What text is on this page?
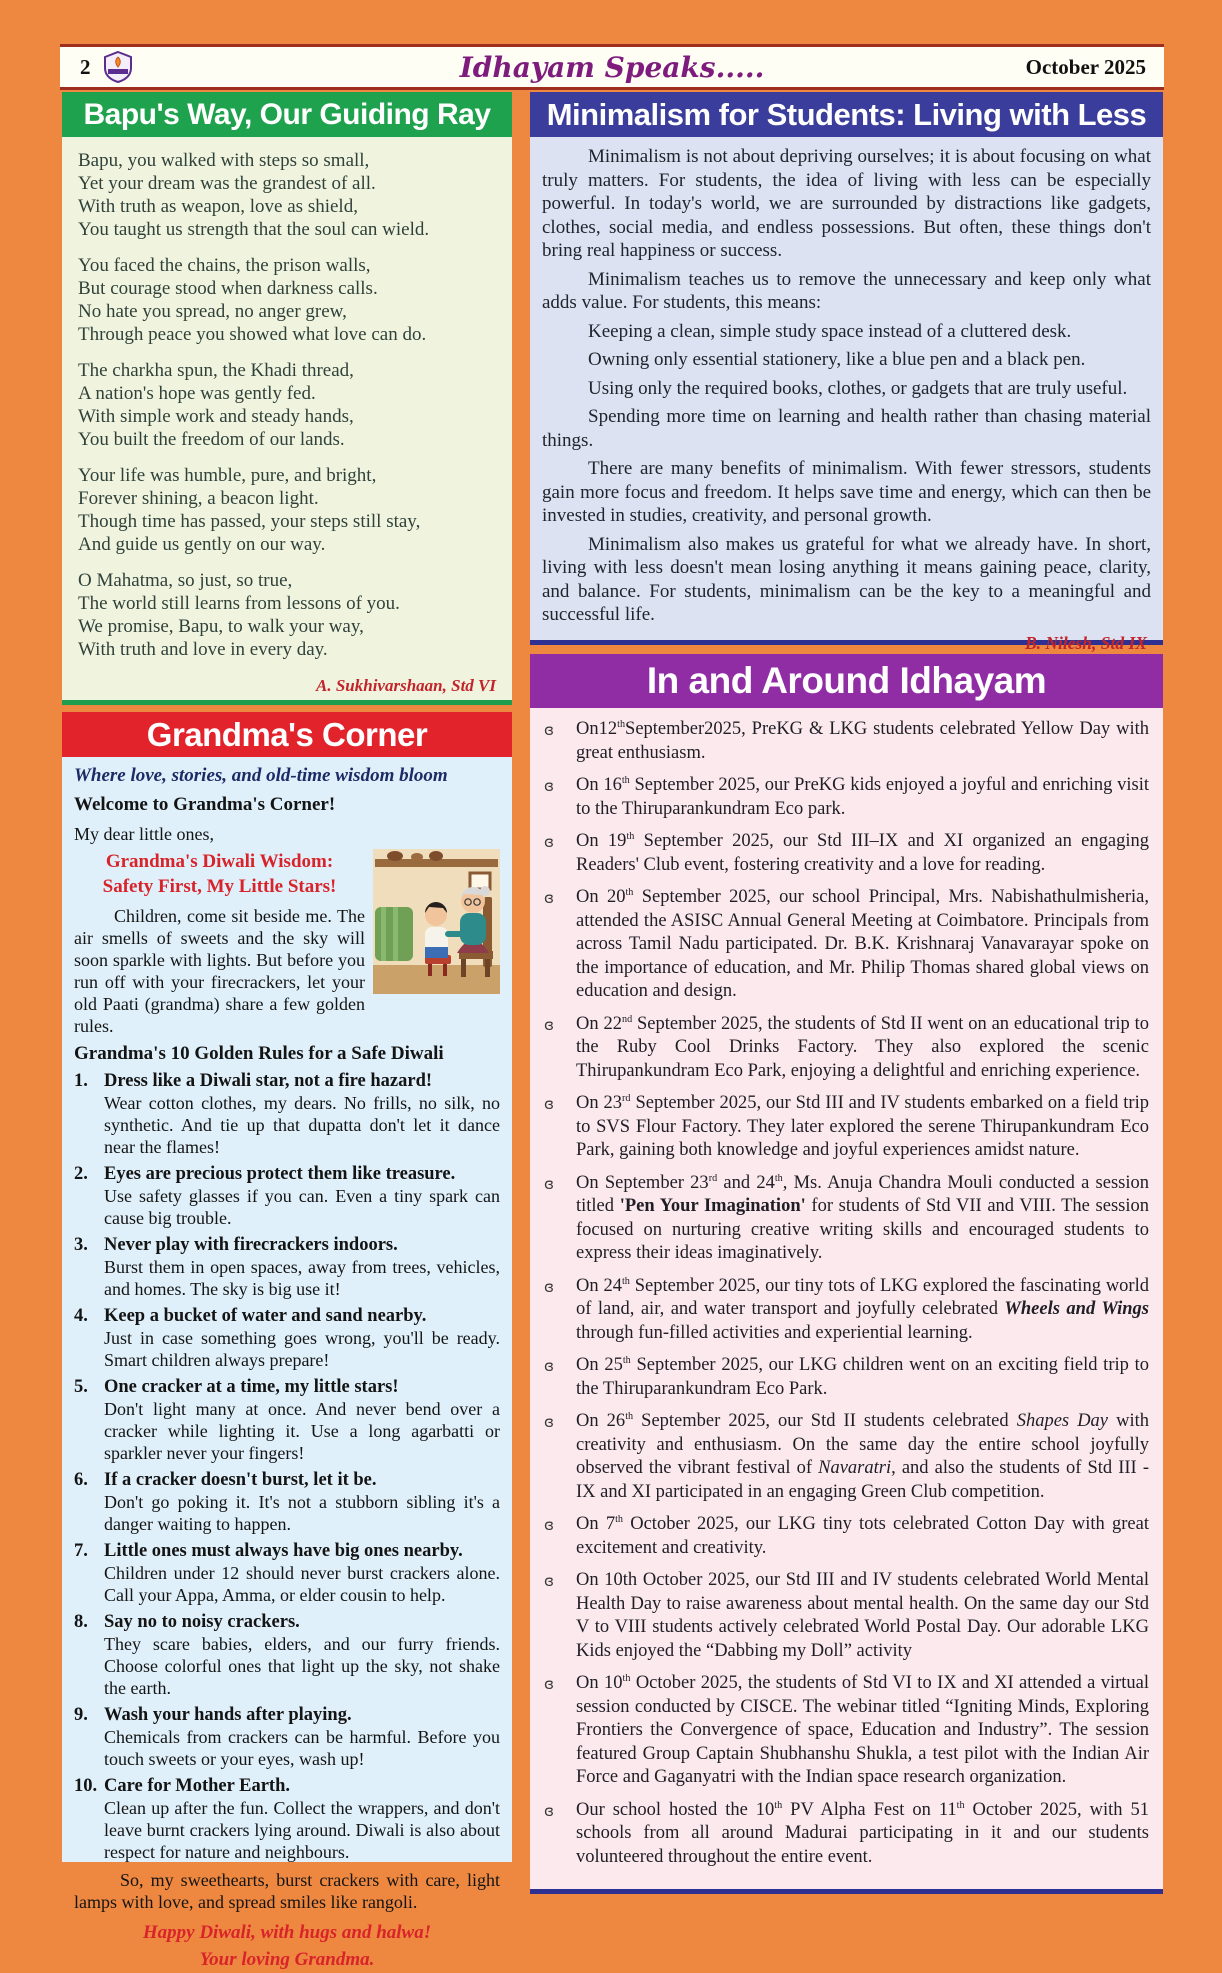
2	Idhayam Speaks.....	October 2025
Bapu's Way, Our Guiding Ray
Bapu, you walked with steps so small,
Yet your dream was the grandest of all.
With truth as weapon, love as shield,
You taught us strength that the soul can wield.
You faced the chains, the prison walls,
But courage stood when darkness calls.
No hate you spread, no anger grew,
Through peace you showed what love can do.
The charkha spun, the Khadi thread,
A nation's hope was gently fed.
With simple work and steady hands,
You built the freedom of our lands.
Your life was humble, pure, and bright,
Forever shining, a beacon light.
Though time has passed, your steps still stay,
And guide us gently on our way.
O Mahatma, so just, so true,
The world still learns from lessons of you.
We promise, Bapu, to walk your way,
With truth and love in every day.
A. Sukhivarshaan, Std VI
Grandma's Corner
Where love, stories, and old-time wisdom bloom
Welcome to Grandma's Corner!
My dear little ones,
Grandma's Diwali Wisdom:
Safety First, My Little Stars!

Children, come sit beside me. The air smells of sweets and the sky will soon sparkle with lights. But before you run off with your firecrackers, let your old Paati (grandma) share a few golden rules.

Grandma's 10 Golden Rules for a Safe Diwali
1. Dress like a Diwali star, not a fire hazard!
Wear cotton clothes, my dears. No frills, no silk, no synthetic. And tie up that dupatta don't let it dance near the flames!
2. Eyes are precious protect them like treasure.
Use safety glasses if you can. Even a tiny spark can cause big trouble.
3. Never play with firecrackers indoors.
Burst them in open spaces, away from trees, vehicles, and homes. The sky is big use it!
4. Keep a bucket of water and sand nearby.
Just in case something goes wrong, you'll be ready. Smart children always prepare!
5. One cracker at a time, my little stars!
Don't light many at once. And never bend over a cracker while lighting it. Use a long agarbatti or sparkler never your fingers!
6. If a cracker doesn't burst, let it be.
Don't go poking it. It's not a stubborn sibling it's a danger waiting to happen.
7. Little ones must always have big ones nearby.
Children under 12 should never burst crackers alone. Call your Appa, Amma, or elder cousin to help.
8. Say no to noisy crackers.
They scare babies, elders, and our furry friends. Choose colorful ones that light up the sky, not shake the earth.
9. Wash your hands after playing.
Chemicals from crackers can be harmful. Before you touch sweets or your eyes, wash up!
10. Care for Mother Earth.
Clean up after the fun. Collect the wrappers, and don't leave burnt crackers lying around. Diwali is also about respect for nature and neighbours.

So, my sweethearts, burst crackers with care, light lamps with love, and spread smiles like rangoli.

Happy Diwali, with hugs and halwa!
Your loving Grandma.
Minimalism for Students: Living with Less

Minimalism is not about depriving ourselves; it is about focusing on what truly matters. For students, the idea of living with less can be especially powerful. In today's world, we are surrounded by distractions like gadgets, clothes, social media, and endless possessions. But often, these things don't bring real happiness or success.

Minimalism teaches us to remove the unnecessary and keep only what adds value. For students, this means:

Keeping a clean, simple study space instead of a cluttered desk.

Owning only essential stationery, like a blue pen and a black pen.

Using only the required books, clothes, or gadgets that are truly useful.

Spending more time on learning and health rather than chasing material things.

There are many benefits of minimalism. With fewer stressors, students gain more focus and freedom. It helps save time and energy, which can then be invested in studies, creativity, and personal growth.

Minimalism also makes us grateful for what we already have. In short, living with less doesn't mean losing anything it means gaining peace, clarity, and balance. For students, minimalism can be the key to a meaningful and successful life.

B. Nilesh, Std IX
In and Around Idhayam
ɞ On12thSeptember2025, PreKG & LKG students celebrated Yellow Day with great enthusiasm.
ɞ On 16th September 2025, our PreKG kids enjoyed a joyful and enriching visit to the Thiruparankundram Eco park.
ɞ On 19th September 2025, our Std III–IX and XI organized an engaging Readers' Club event, fostering creativity and a love for reading.
ɞ On 20th September 2025, our school Principal, Mrs. Nabishathulmisheria, attended the ASISC Annual General Meeting at Coimbatore. Principals from across Tamil Nadu participated. Dr. B.K. Krishnaraj Vanavarayar spoke on the importance of education, and Mr. Philip Thomas shared global views on education and design.
ɞ On 22nd September 2025, the students of Std II went on an educational trip to the Ruby Cool Drinks Factory. They also explored the scenic Thirupankundram Eco Park, enjoying a delightful and enriching experience.
ɞ On 23rd September 2025, our Std III and IV students embarked on a field trip to SVS Flour Factory. They later explored the serene Thirupankundram Eco Park, gaining both knowledge and joyful experiences amidst nature.
ɞ On September 23rd and 24th, Ms. Anuja Chandra Mouli conducted a session titled 'Pen Your Imagination' for students of Std VII and VIII. The session focused on nurturing creative writing skills and encouraged students to express their ideas imaginatively.
ɞ On 24th September 2025, our tiny tots of LKG explored the fascinating world of land, air, and water transport and joyfully celebrated Wheels and Wings through fun-filled activities and experiential learning.
ɞ On 25th September 2025, our LKG children went on an exciting field trip to the Thiruparankundram Eco Park.
ɞ On 26th September 2025, our Std II students celebrated Shapes Day with creativity and enthusiasm. On the same day the entire school joyfully observed the vibrant festival of Navaratri, and also the students of Std III - IX and XI participated in an engaging Green Club competition.
ɞ On 7th October 2025, our LKG tiny tots celebrated Cotton Day with great excitement and creativity.
ɞ On 10th October 2025, our Std III and IV students celebrated World Mental Health Day to raise awareness about mental health. On the same day our Std V to VIII students actively celebrated World Postal Day. Our adorable LKG Kids enjoyed the “Dabbing my Doll” activity
ɞ On 10th October 2025, the students of Std VI to IX and XI attended a virtual session conducted by CISCE. The webinar titled “Igniting Minds, Exploring Frontiers the Convergence of space, Education and Industry”. The session featured Group Captain Shubhanshu Shukla, a test pilot with the Indian Air Force and Gaganyatri with the Indian space research organization.
ɞ Our school hosted the 10th PV Alpha Fest on 11th October 2025, with 51 schools from all around Madurai participating in it and our students volunteered throughout the entire event.
